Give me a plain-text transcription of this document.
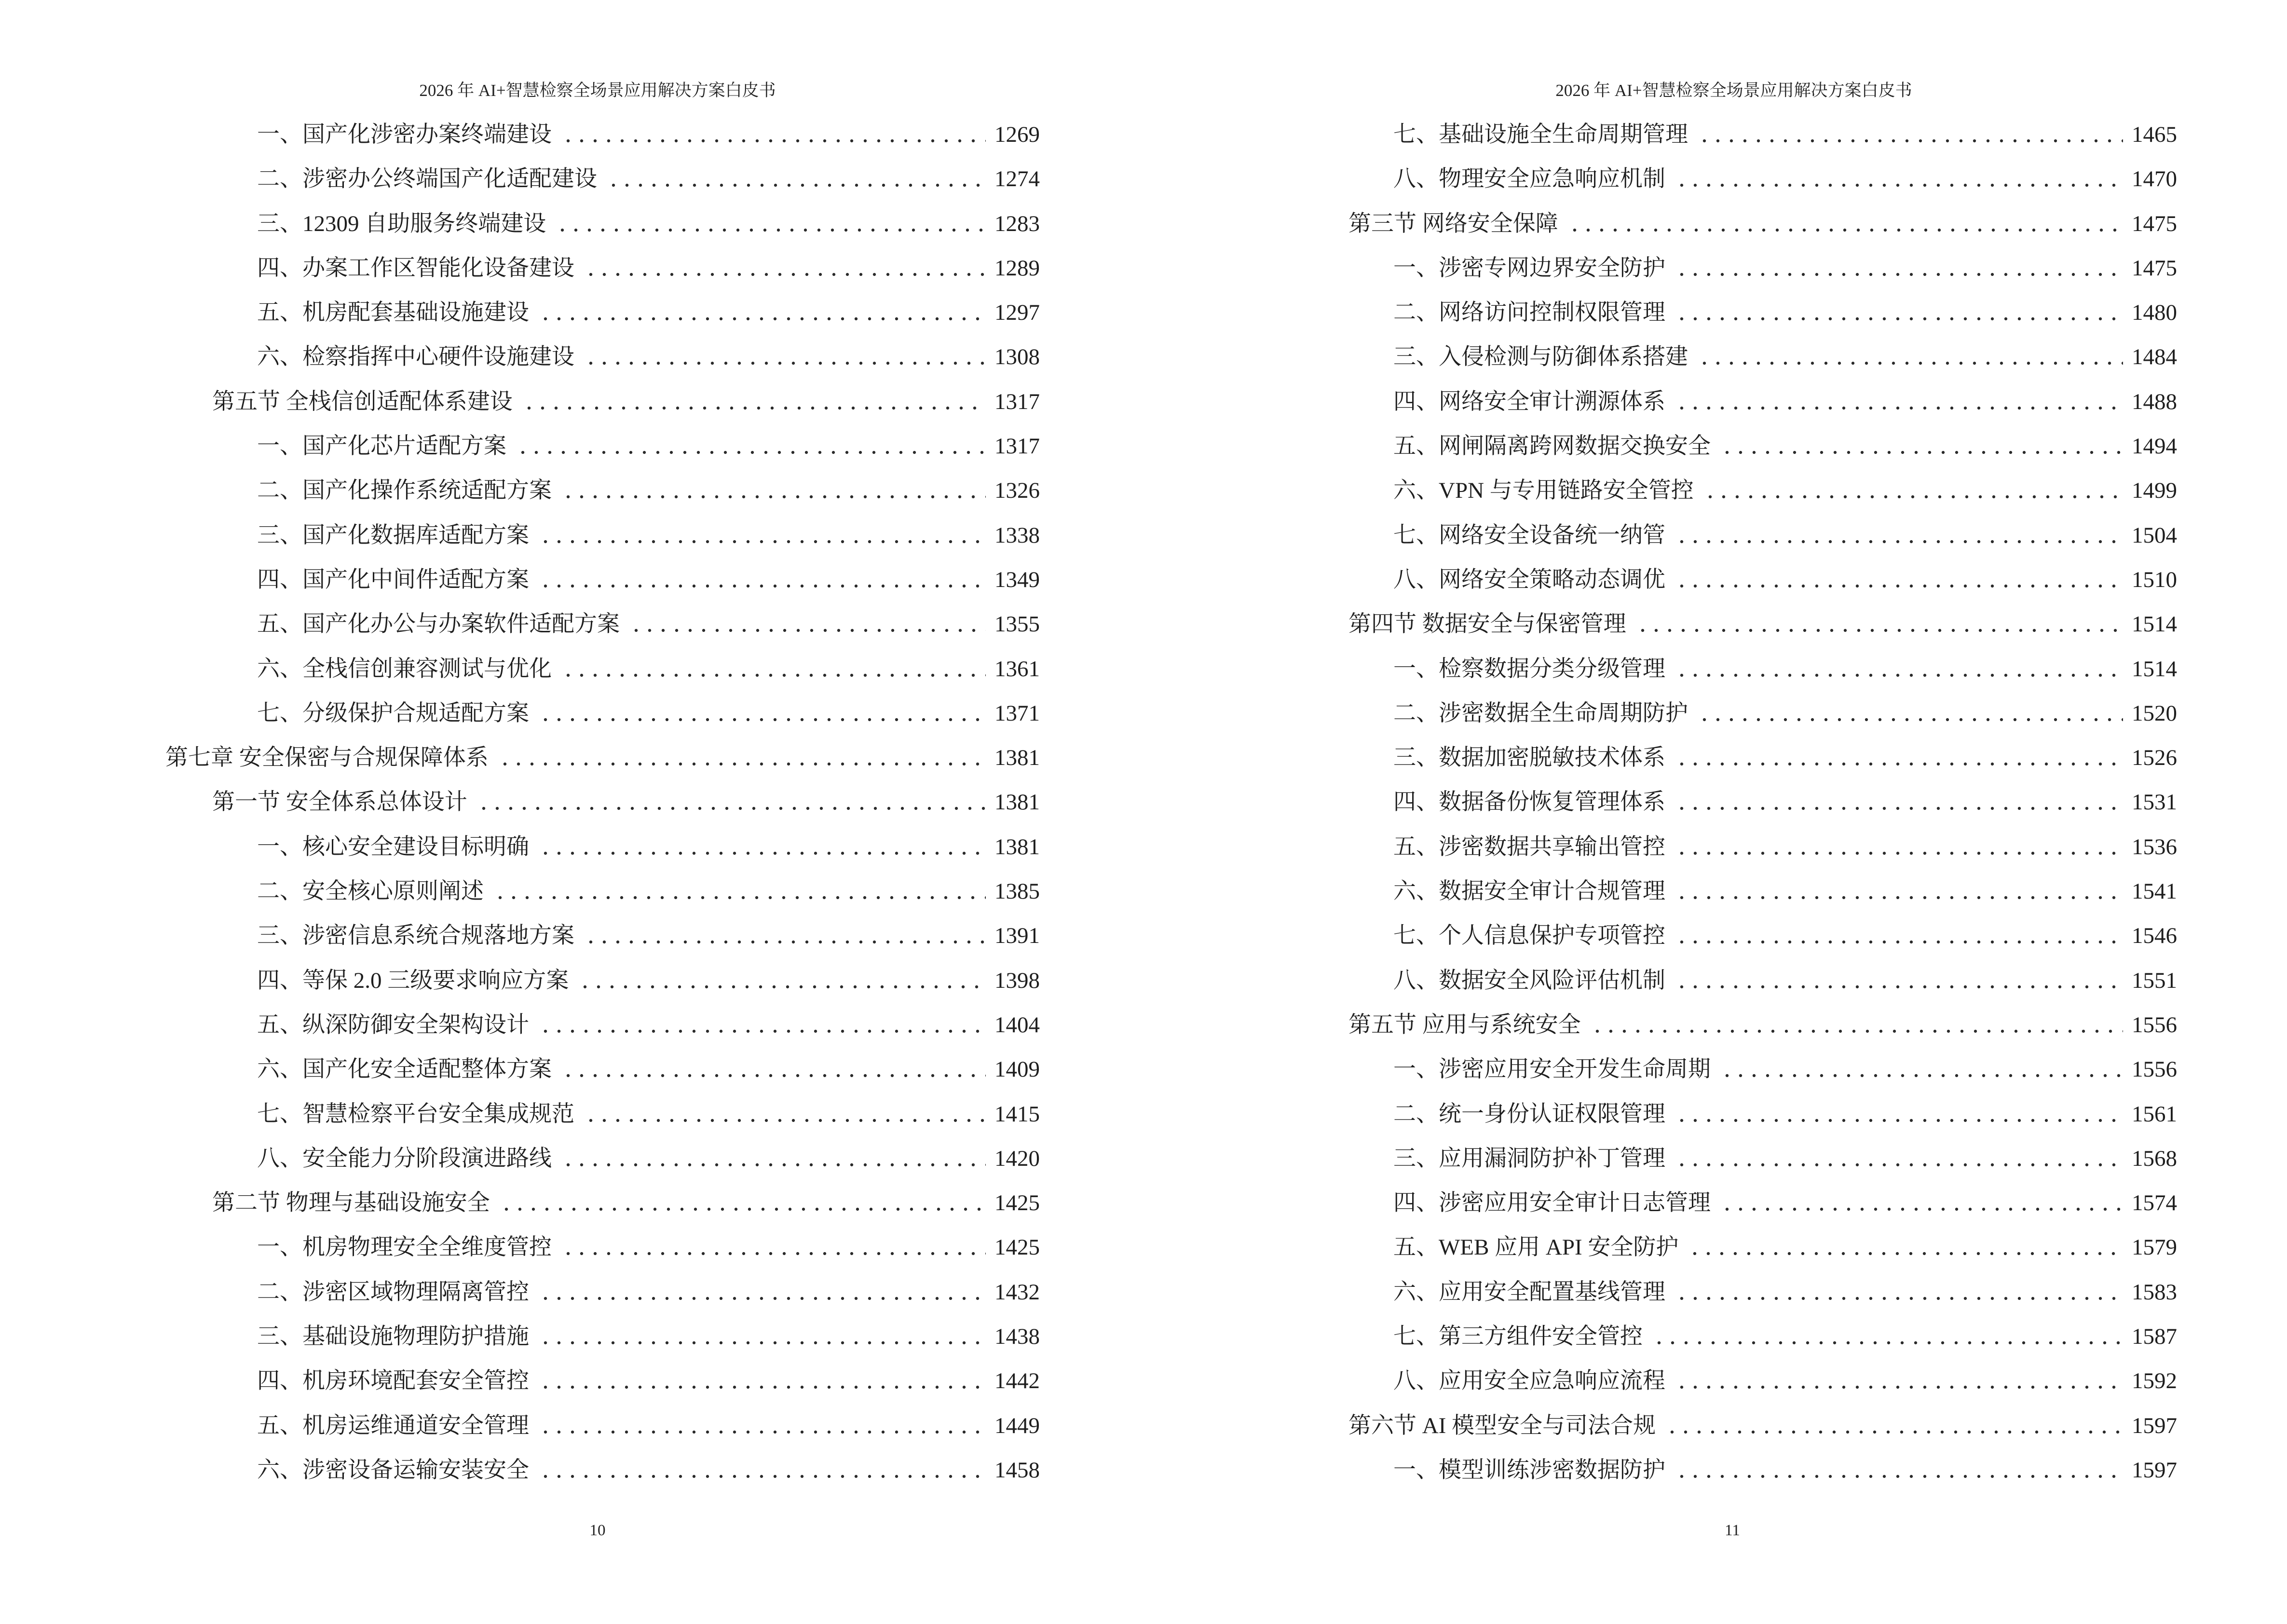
2026 年 AI+智慧检察全场景应用解决方案白皮书
一、国产化涉密办案终端建设	1269
二、涉密办公终端国产化适配建设	1274
三、12309 自助服务终端建设	1283
四、办案工作区智能化设备建设	1289
五、机房配套基础设施建设	1297
六、检察指挥中心硬件设施建设	1308
第五节 全栈信创适配体系建设	1317
一、国产化芯片适配方案	1317
二、国产化操作系统适配方案	1326
三、国产化数据库适配方案	1338
四、国产化中间件适配方案	1349
五、国产化办公与办案软件适配方案	1355
六、全栈信创兼容测试与优化	1361
七、分级保护合规适配方案	1371
第七章 安全保密与合规保障体系	1381
第一节 安全体系总体设计	1381
一、核心安全建设目标明确	1381
二、安全核心原则阐述	1385
三、涉密信息系统合规落地方案	1391
四、等保 2.0 三级要求响应方案	1398
五、纵深防御安全架构设计	1404
六、国产化安全适配整体方案	1409
七、智慧检察平台安全集成规范	1415
八、安全能力分阶段演进路线	1420
第二节 物理与基础设施安全	1425
一、机房物理安全全维度管控	1425
二、涉密区域物理隔离管控	1432
三、基础设施物理防护措施	1438
四、机房环境配套安全管控	1442
五、机房运维通道安全管理	1449
六、涉密设备运输安装安全	1458
10
2026 年 AI+智慧检察全场景应用解决方案白皮书
七、基础设施全生命周期管理	1465
八、物理安全应急响应机制	1470
第三节 网络安全保障	1475
一、涉密专网边界安全防护	1475
二、网络访问控制权限管理	1480
三、入侵检测与防御体系搭建	1484
四、网络安全审计溯源体系	1488
五、网闸隔离跨网数据交换安全	1494
六、VPN 与专用链路安全管控	1499
七、网络安全设备统一纳管	1504
八、网络安全策略动态调优	1510
第四节 数据安全与保密管理	1514
一、检察数据分类分级管理	1514
二、涉密数据全生命周期防护	1520
三、数据加密脱敏技术体系	1526
四、数据备份恢复管理体系	1531
五、涉密数据共享输出管控	1536
六、数据安全审计合规管理	1541
七、个人信息保护专项管控	1546
八、数据安全风险评估机制	1551
第五节 应用与系统安全	1556
一、涉密应用安全开发生命周期	1556
二、统一身份认证权限管理	1561
三、应用漏洞防护补丁管理	1568
四、涉密应用安全审计日志管理	1574
五、WEB 应用 API 安全防护	1579
六、应用安全配置基线管理	1583
七、第三方组件安全管控	1587
八、应用安全应急响应流程	1592
第六节 AI 模型安全与司法合规	1597
一、模型训练涉密数据防护	1597
11
